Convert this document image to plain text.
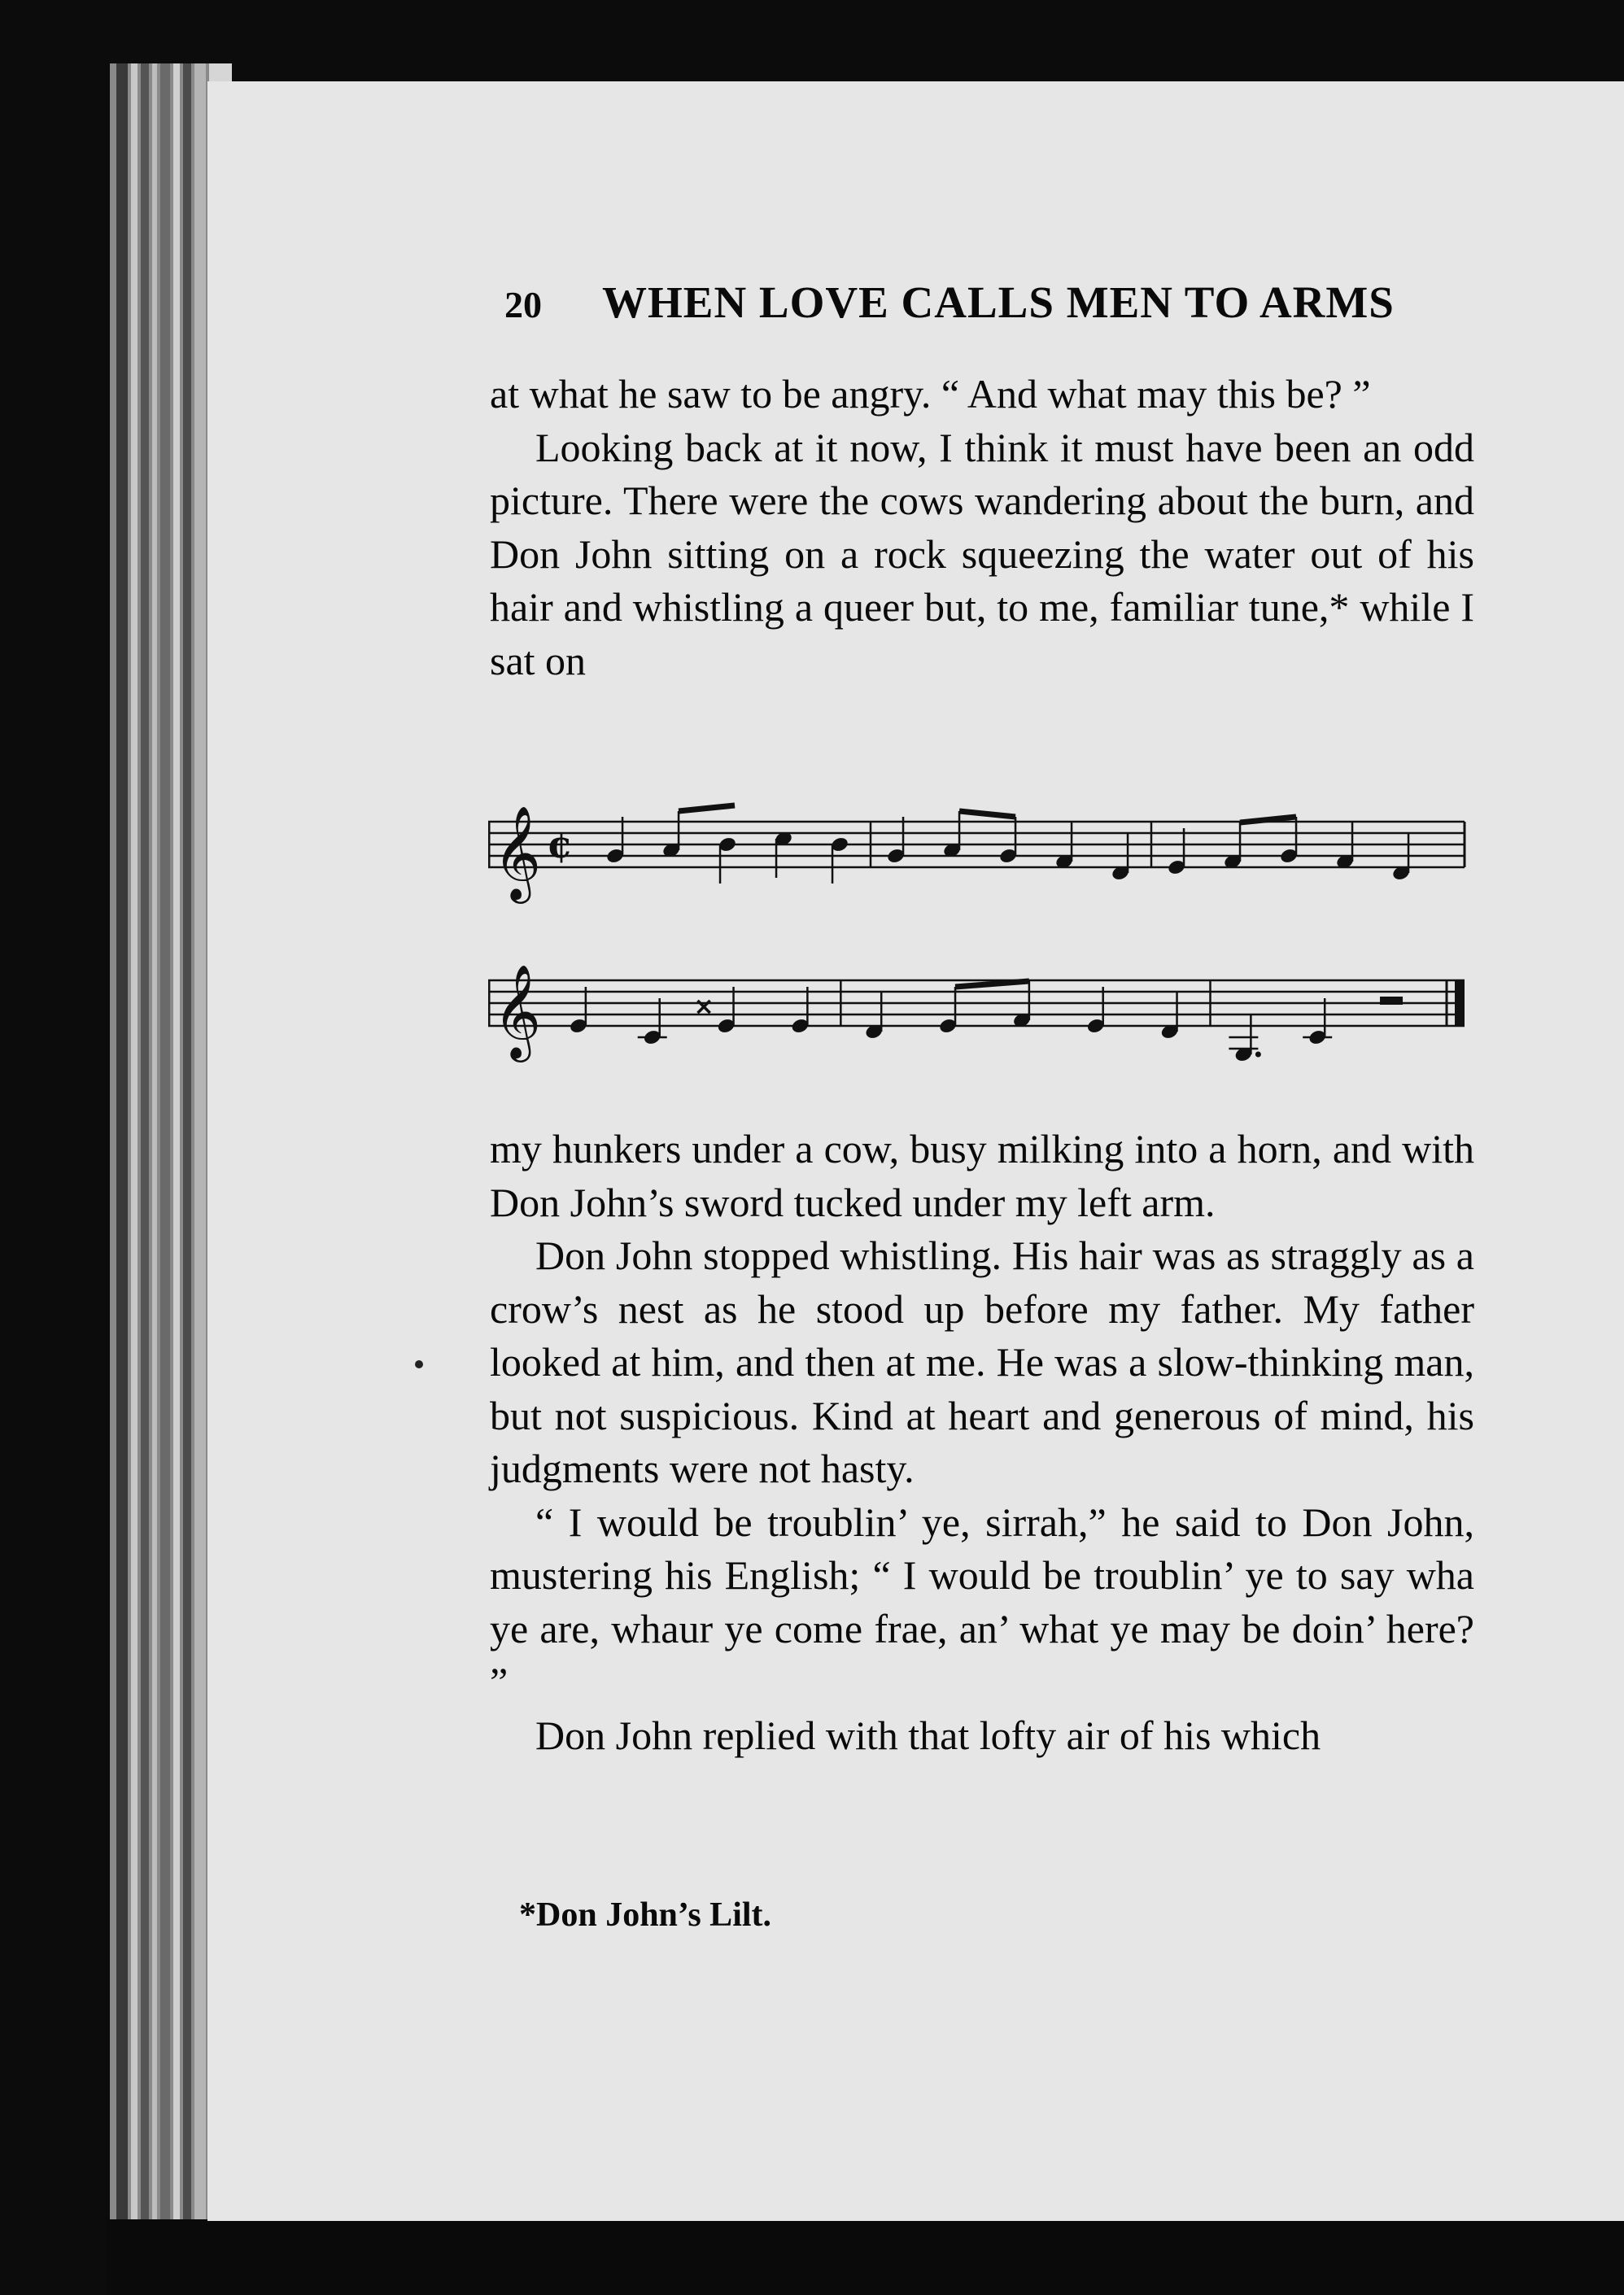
20	WHEN LOVE CALLS MEN TO ARMS

at what he saw to be angry. “ And what may this be? ”

Looking back at it now, I think it must have been an odd picture. There were the cows wandering about the burn, and Don John sitting on a rock squeezing the water out of his hair and whistling a queer but, to me, familiar tune,* while I sat on

𝄞 ¢
𝄞	×

my hunkers under a cow, busy milking into a horn, and with Don John’s sword tucked under my left arm.

Don John stopped whistling. His hair was as straggly as a crow’s nest as he stood up before my father. My father looked at him, and then at me. He was a slow-thinking man, but not suspicious. Kind at heart and generous of mind, his judgments were not hasty.

“ I would be troublin’ ye, sirrah,” he said to Don John, mustering his English; “ I would be troublin’ ye to say wha ye are, whaur ye come frae, an’ what ye may be doin’ here? ”

Don John replied with that lofty air of his which

*Don John’s Lilt.
